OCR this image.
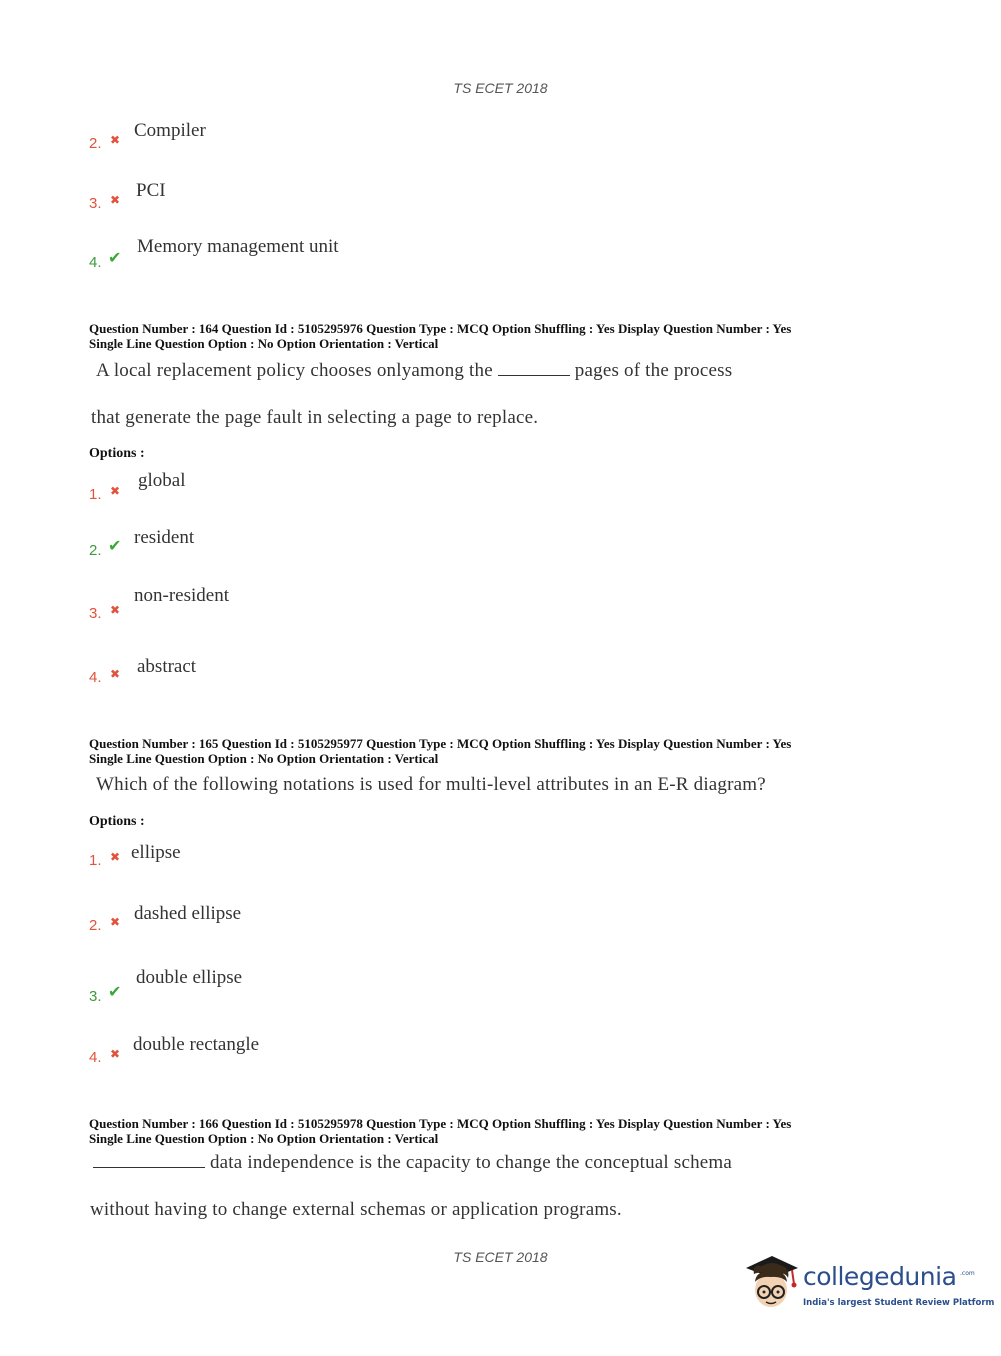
TS ECET 2018
2. ✖ Compiler
3. ✖ PCI
4. ✔
Memory management unit
Question Number : 164 Question Id : 5105295976 Question Type : MCQ Option Shuffling : Yes Display Question Number : Yes
Single Line Question Option : No Option Orientation : Vertical
A local replacement policy chooses onlyamong the	pages of the process
that generate the page fault in selecting a page to replace.
Options :
1. ✖ global
2. ✔ resident
3. ✖
non-resident
4. ✖ abstract
Question Number : 165 Question Id : 5105295977 Question Type : MCQ Option Shuffling : Yes Display Question Number : Yes
Single Line Question Option : No Option Orientation : Vertical
Which of the following notations is used for multi-level attributes in an E-R diagram?
Options :
1. ✖ ellipse
2. ✖ dashed ellipse
3. ✔
double ellipse
4. ✖ double rectangle
Question Number : 166 Question Id : 5105295978 Question Type : MCQ Option Shuffling : Yes Display Question Number : Yes
Single Line Question Option : No Option Orientation : Vertical
data independence is the capacity to change the conceptual schema
without having to change external schemas or application programs.
TS ECET 2018
collegedunia .com
India's largest Student Review Platform
